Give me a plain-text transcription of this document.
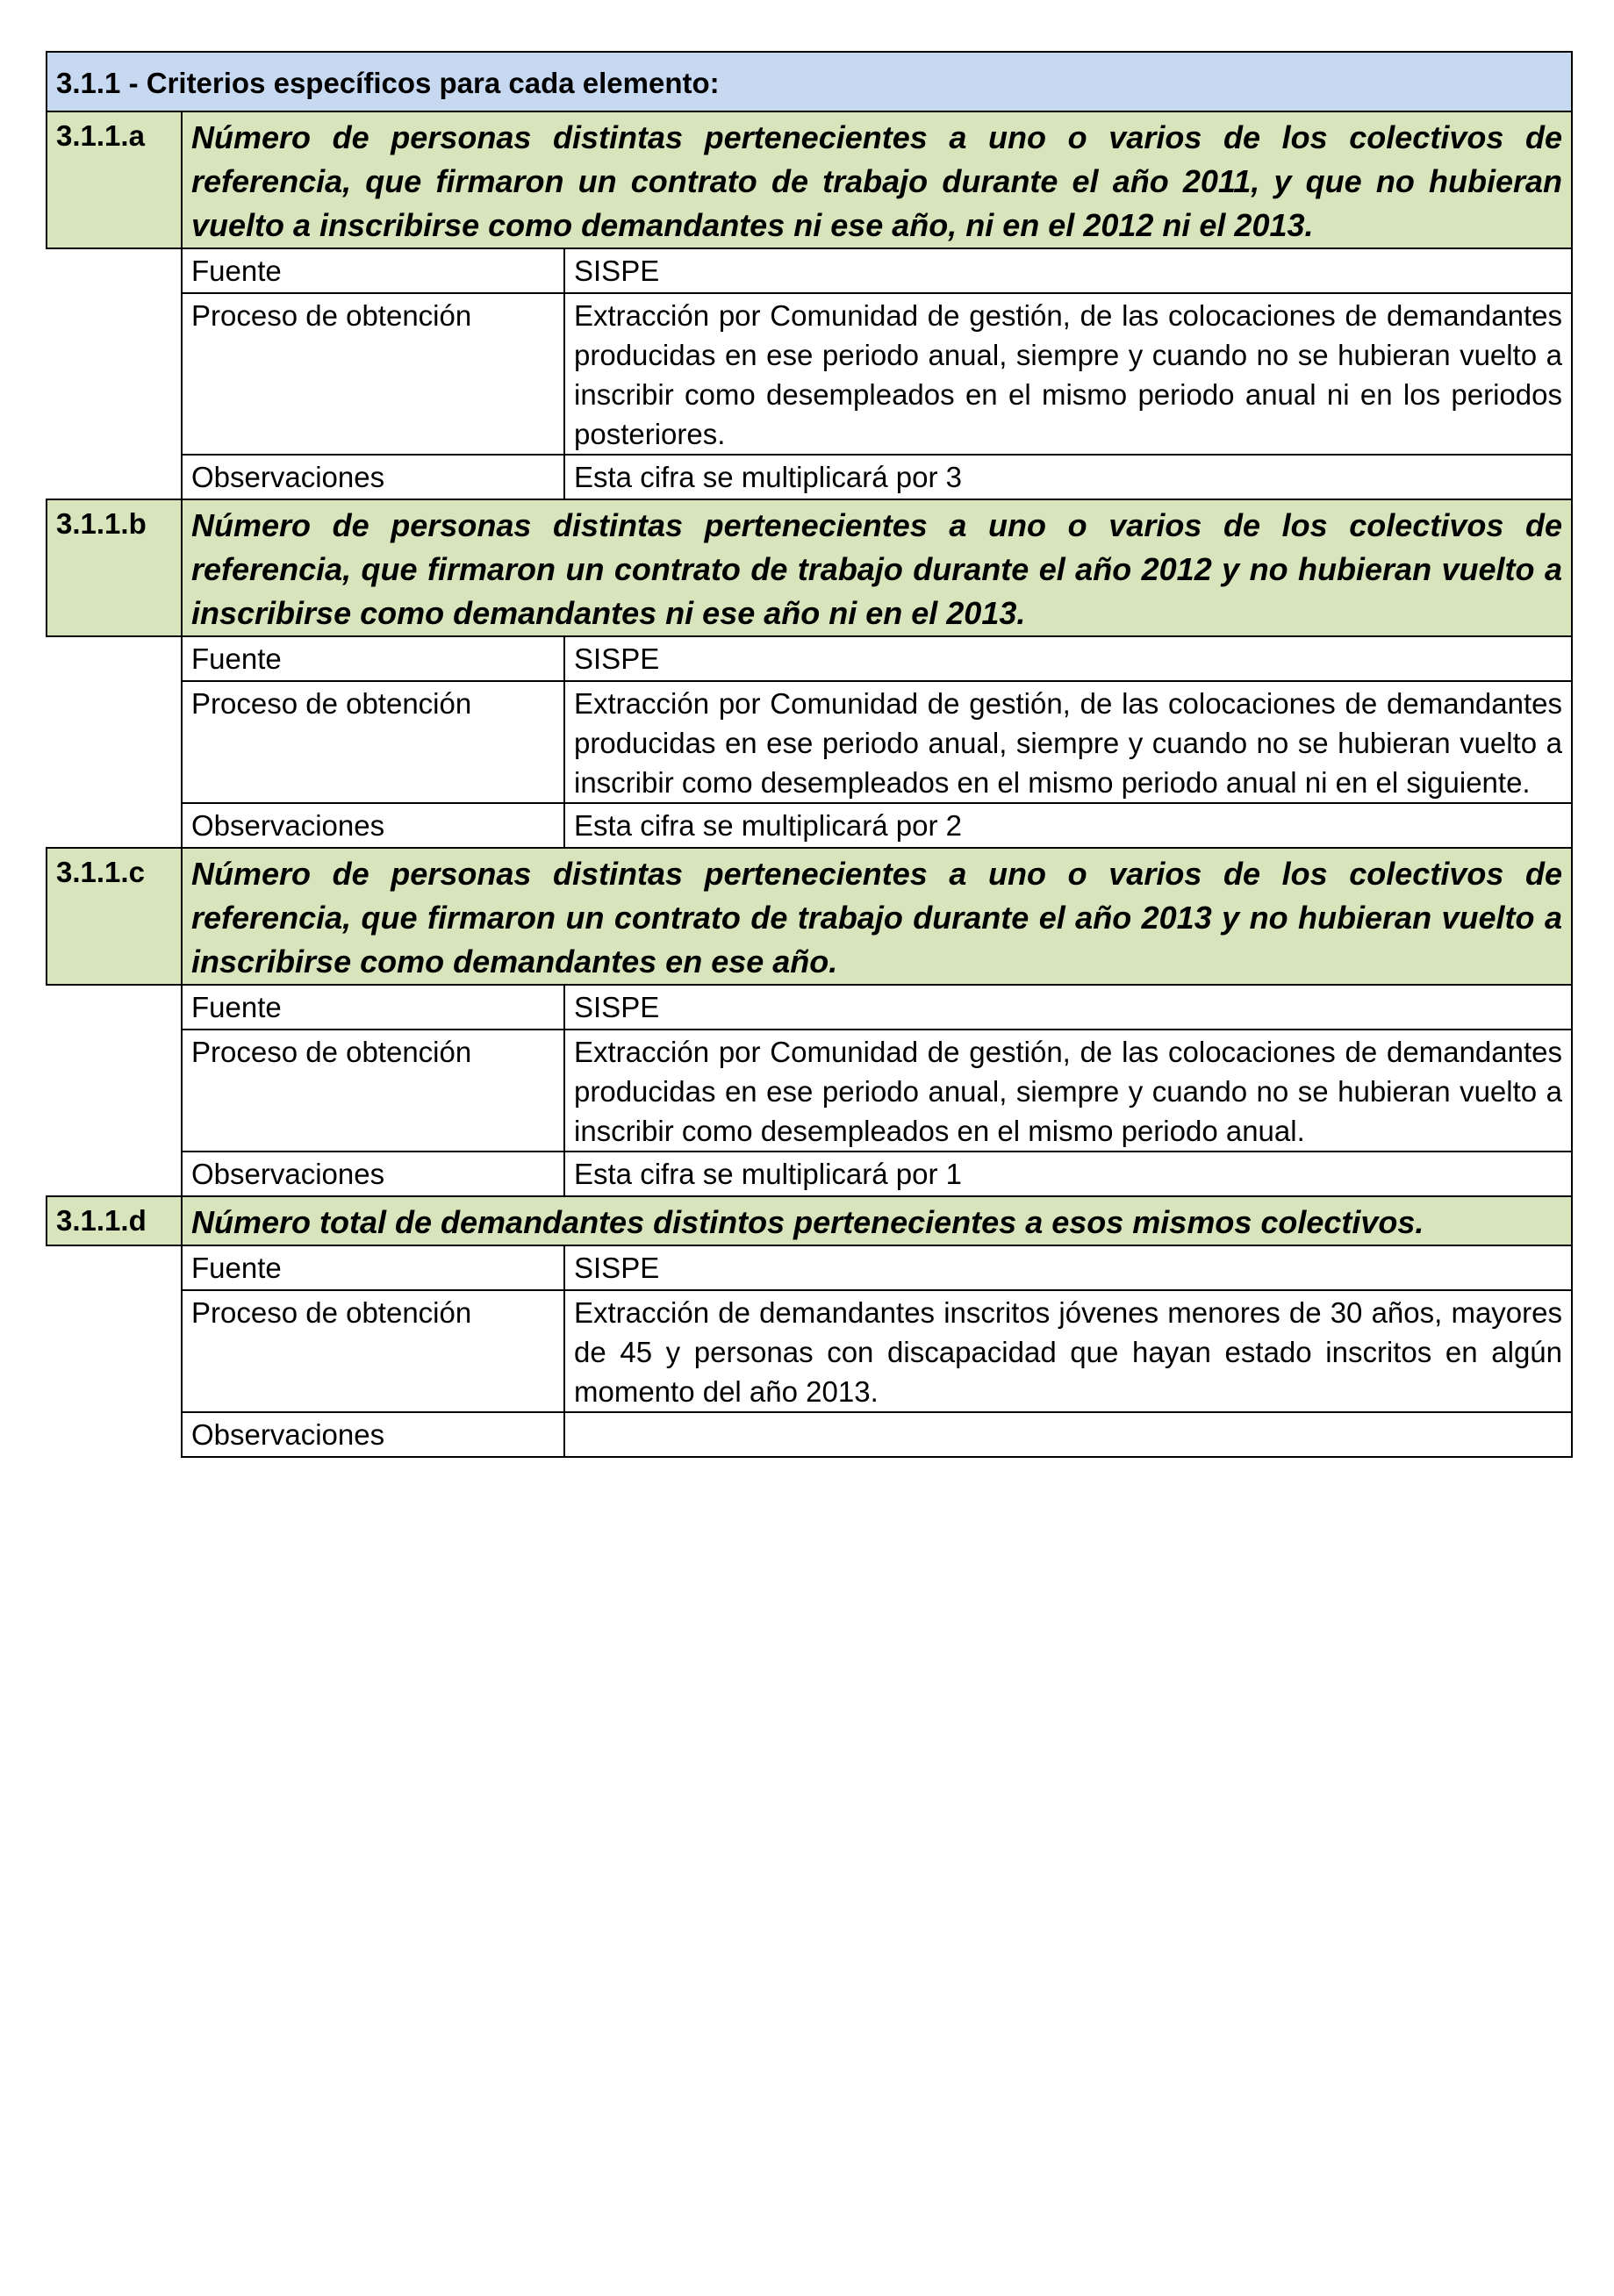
3.1.1 - Criterios específicos para cada elemento:		
3.1.1.a	Número de personas distintas pertenecientes a uno o varios de los colectivos de referencia, que firmaron un contrato de trabajo durante el año 2011, y que no hubieran vuelto a inscribirse como demandantes ni ese año, ni en el 2012 ni el 2013.	
	Fuente	SISPE
	Proceso de obtención	Extracción por Comunidad de gestión, de las colocaciones de demandantes producidas en ese periodo anual, siempre y cuando no se hubieran vuelto a inscribir como desempleados en el mismo periodo anual ni en los periodos posteriores.
	Observaciones	Esta cifra se multiplicará por 3
3.1.1.b	Número de personas distintas pertenecientes a uno o varios de los colectivos de referencia, que firmaron un contrato de trabajo durante el año 2012 y no hubieran vuelto a inscribirse como demandantes ni ese año ni en el 2013.	
	Fuente	SISPE
	Proceso de obtención	Extracción por Comunidad de gestión, de las colocaciones de demandantes producidas en ese periodo anual, siempre y cuando no se hubieran vuelto a inscribir como desempleados en el mismo periodo anual ni en el siguiente.
	Observaciones	Esta cifra se multiplicará por 2
3.1.1.c	Número de personas distintas pertenecientes a uno o varios de los colectivos de referencia, que firmaron un contrato de trabajo durante el año 2013 y no hubieran vuelto a inscribirse como demandantes en ese año.	
	Fuente	SISPE
	Proceso de obtención	Extracción por Comunidad de gestión, de las colocaciones de demandantes producidas en ese periodo anual, siempre y cuando no se hubieran vuelto a inscribir como desempleados en el mismo periodo anual.
	Observaciones	Esta cifra se multiplicará por 1
3.1.1.d	Número total de demandantes distintos pertenecientes a esos mismos colectivos.	
	Fuente	SISPE
	Proceso de obtención	Extracción de demandantes inscritos jóvenes menores de 30 años, mayores de 45 y personas con discapacidad que hayan estado inscritos en algún momento del año 2013.
	Observaciones	
